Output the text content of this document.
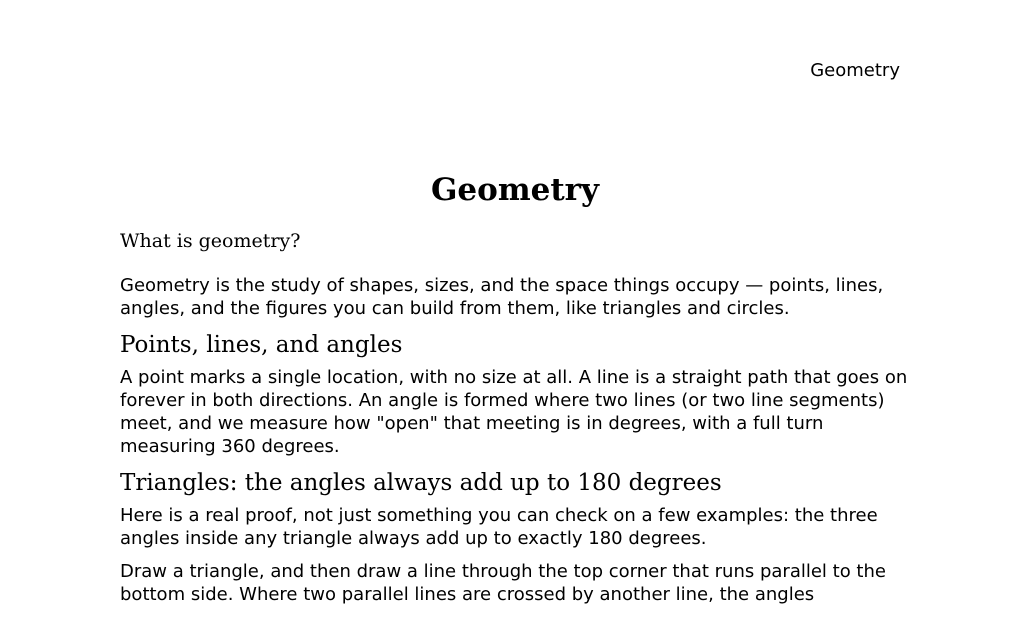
Geometry
Geometry
What is geometry?

Geometry is the study of shapes, sizes, and the space things occupy — points, lines, angles, and the figures you can build from them, like triangles and circles.

Points, lines, and angles

A point marks a single location, with no size at all. A line is a straight path that goes on forever in both directions. An angle is formed where two lines (or two line segments) meet, and we measure how "open" that meeting is in degrees, with a full turn measuring 360 degrees.

Triangles: the angles always add up to 180 degrees

Here is a real proof, not just something you can check on a few examples: the three angles inside any triangle always add up to exactly 180 degrees.

Draw a triangle, and then draw a line through the top corner that runs parallel to the bottom side. Where two parallel lines are crossed by another line, the angles
